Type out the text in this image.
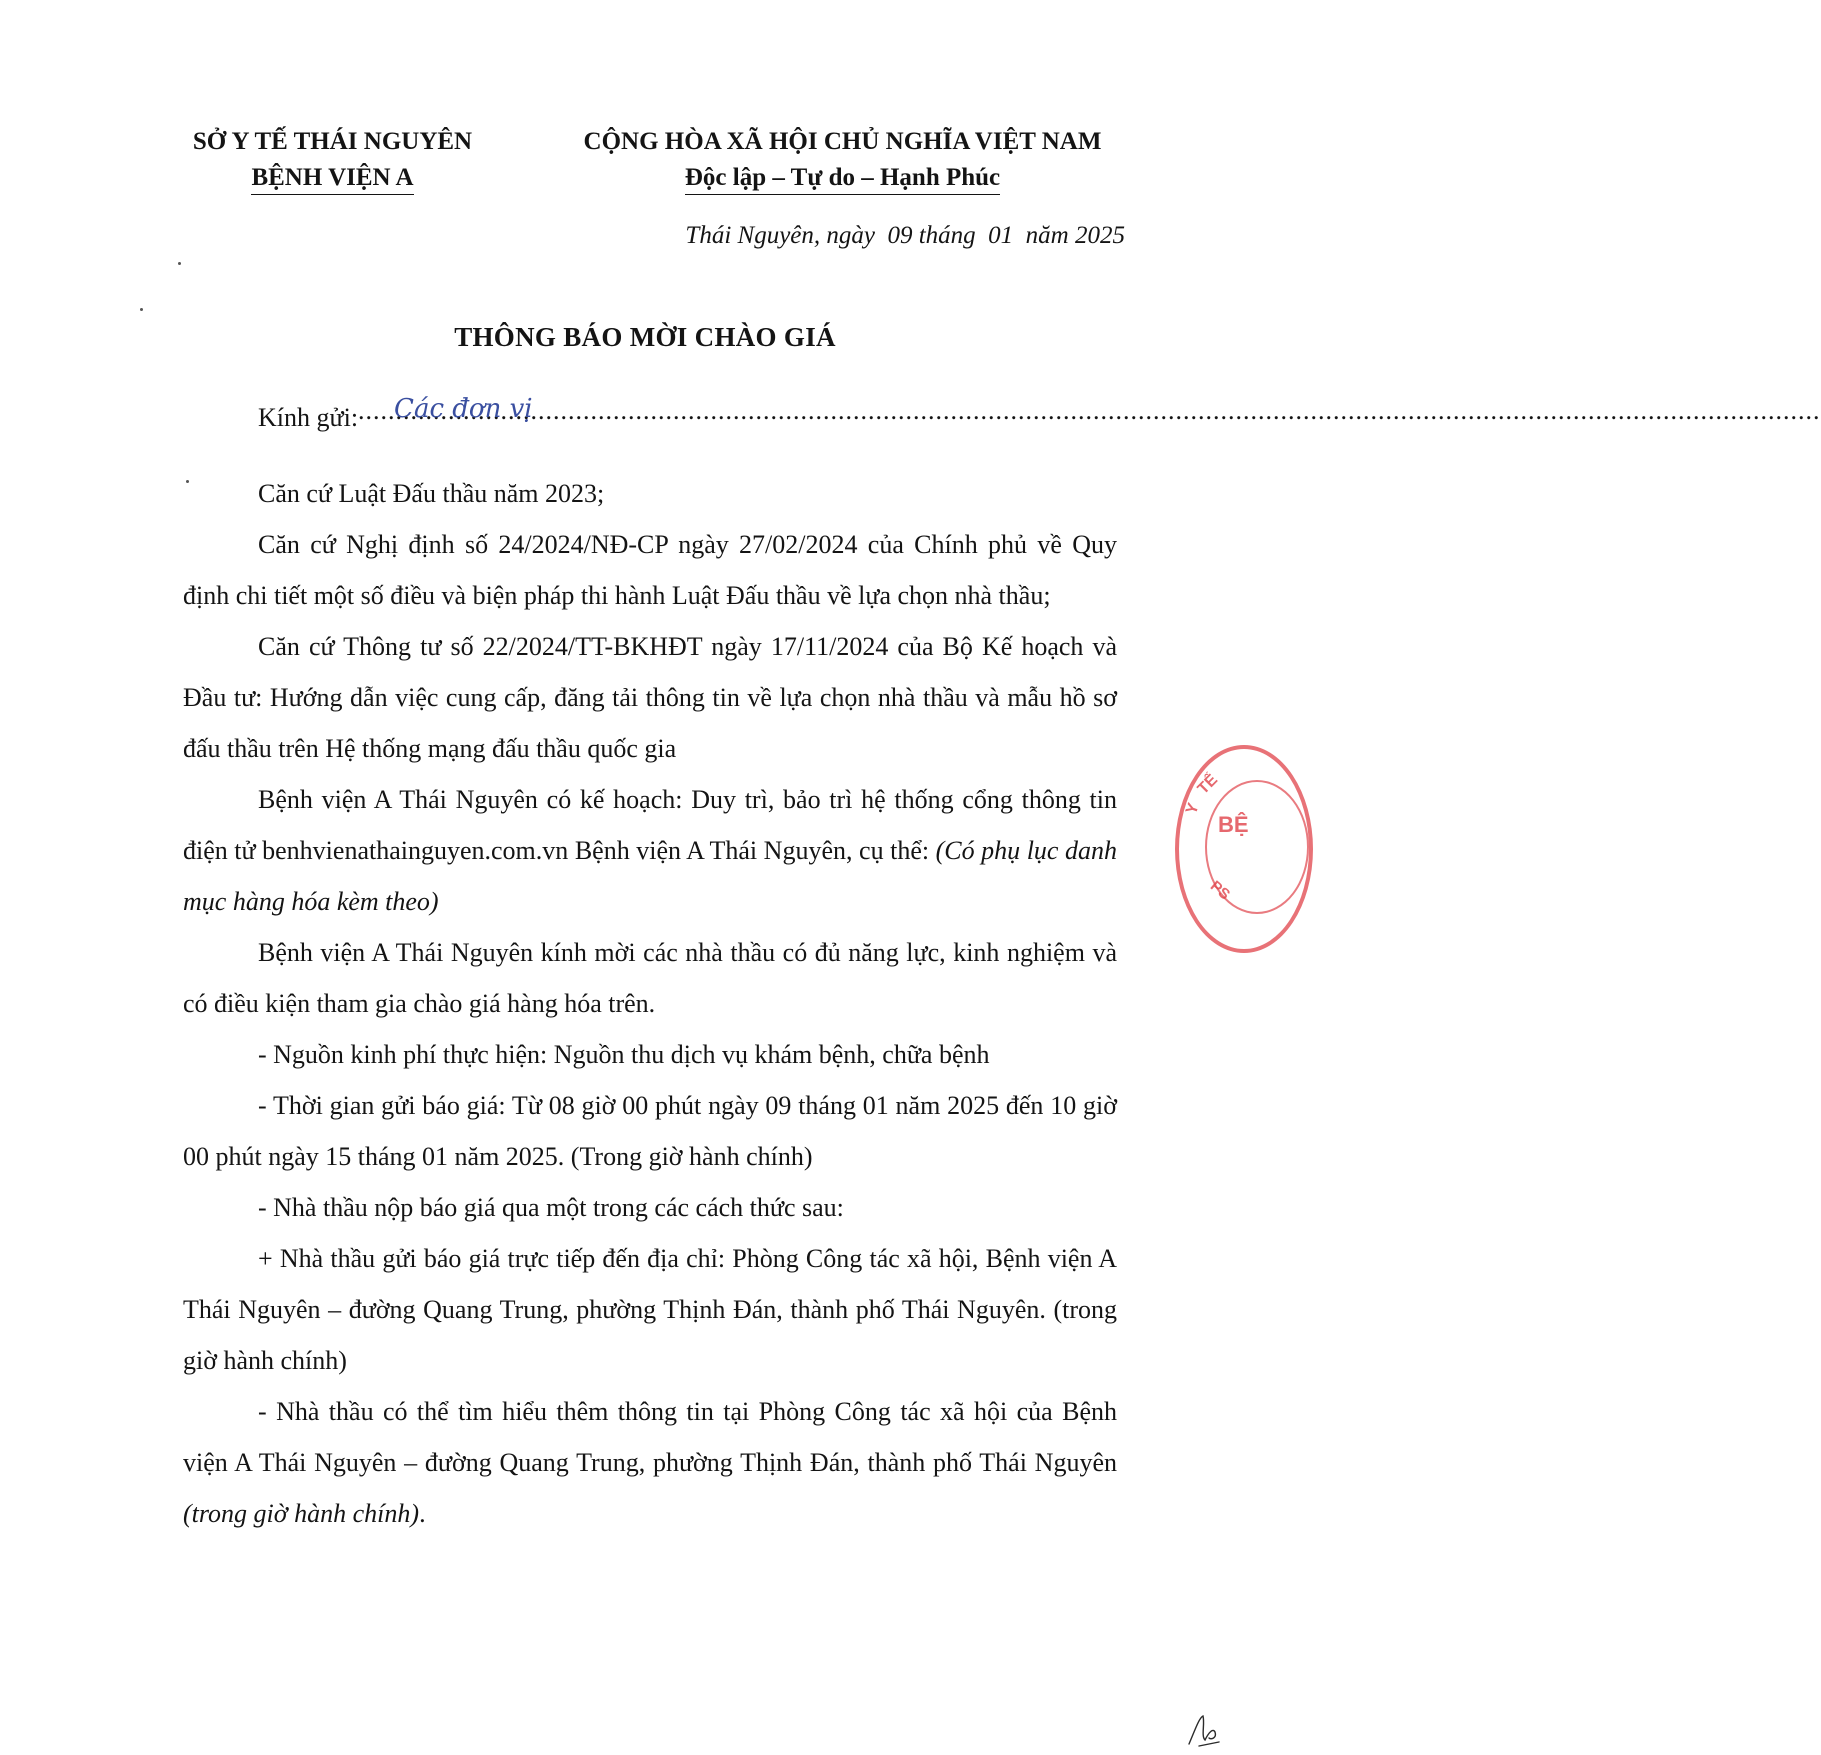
SỞ Y TẾ THÁI NGUYÊN
BỆNH VIỆN A
CỘNG HÒA XÃ HỘI CHỦ NGHĨA VIỆT NAM
Độc lập – Tự do – Hạnh Phúc
Thái Nguyên, ngày  09 tháng  01  năm 2025
THÔNG BÁO MỜI CHÀO GIÁ
Kính gửi: Các đơn vị
.....

Căn cứ Luật Đấu thầu năm 2023;

Căn cứ Nghị định số 24/2024/NĐ-CP ngày 27/02/2024 của Chính phủ về Quy định chi tiết một số điều và biện pháp thi hành Luật Đấu thầu về lựa chọn nhà thầu;

Căn cứ Thông tư số 22/2024/TT-BKHĐT ngày 17/11/2024 của Bộ Kế hoạch và Đầu tư: Hướng dẫn việc cung cấp, đăng tải thông tin về lựa chọn nhà thầu và mẫu hồ sơ đấu thầu trên Hệ thống mạng đấu thầu quốc gia

Bệnh viện A Thái Nguyên có kế hoạch: Duy trì, bảo trì hệ thống cổng thông tin điện tử benhvienathainguyen.com.vn Bệnh viện A Thái Nguyên, cụ thể: (Có phụ lục danh mục hàng hóa kèm theo)

Bệnh viện A Thái Nguyên kính mời các nhà thầu có đủ năng lực, kinh nghiệm và có điều kiện tham gia chào giá hàng hóa trên.

- Nguồn kinh phí thực hiện: Nguồn thu dịch vụ khám bệnh, chữa bệnh

- Thời gian gửi báo giá: Từ 08 giờ 00 phút ngày 09 tháng 01 năm 2025 đến 10 giờ 00 phút ngày 15 tháng 01 năm 2025. (Trong giờ hành chính)

- Nhà thầu nộp báo giá qua một trong các cách thức sau:

+ Nhà thầu gửi báo giá trực tiếp đến địa chỉ: Phòng Công tác xã hội, Bệnh viện A Thái Nguyên – đường Quang Trung, phường Thịnh Đán, thành phố Thái Nguyên. (trong giờ hành chính)

- Nhà thầu có thể tìm hiểu thêm thông tin tại Phòng Công tác xã hội của Bệnh viện A Thái Nguyên – đường Quang Trung, phường Thịnh Đán, thành phố Thái Nguyên (trong giờ hành chính).

Y
TẾ
BỆ
PS
